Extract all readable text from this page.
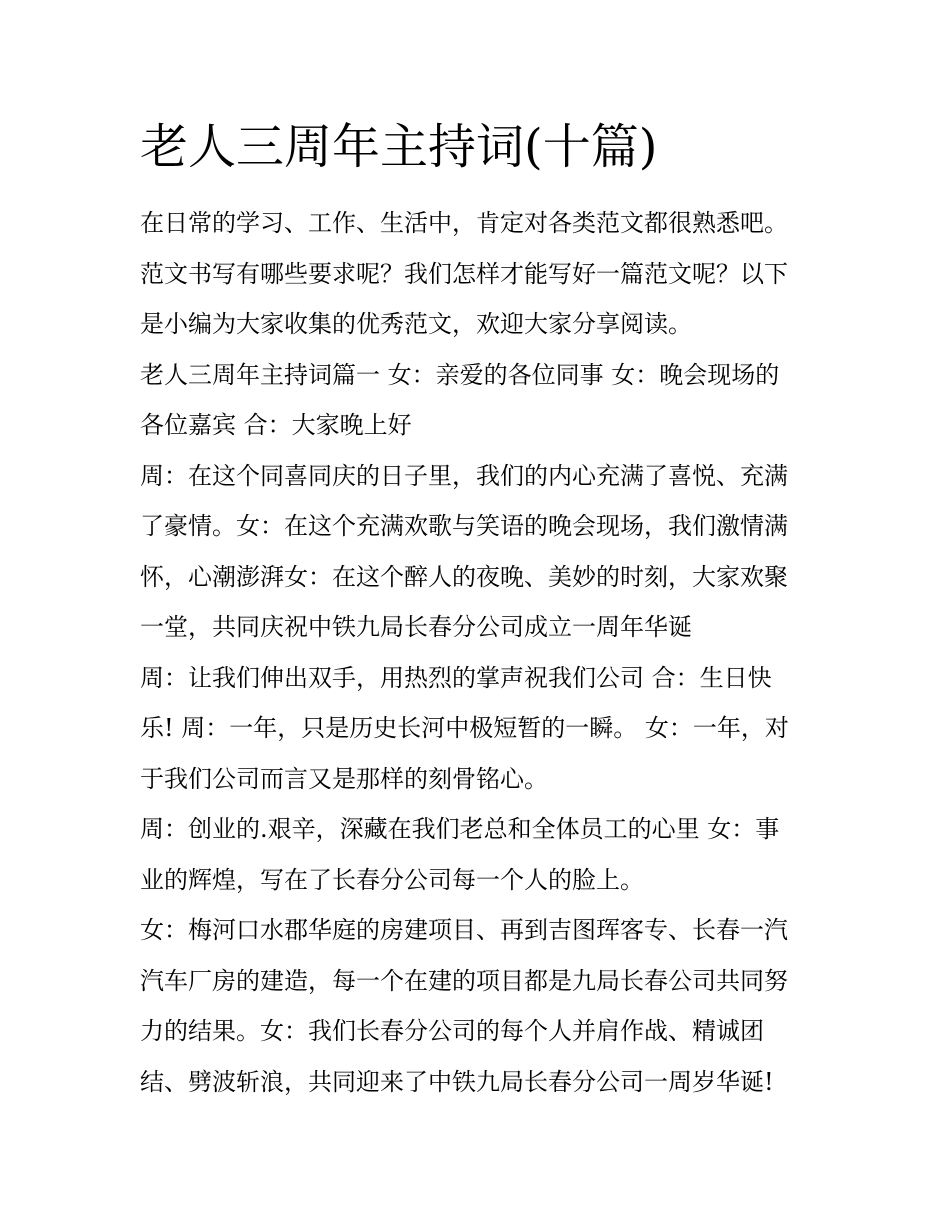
老人三周年主持词(十篇)
在日常的学习、工作、生活中，肯定对各类范文都很熟悉吧。
范文书写有哪些要求呢？我们怎样才能写好一篇范文呢？以下
是小编为大家收集的优秀范文，欢迎大家分享阅读。
老人三周年主持词篇一 女：亲爱的各位同事 女：晚会现场的
各位嘉宾 合：大家晚上好
周：在这个同喜同庆的日子里，我们的内心充满了喜悦、充满
了豪情。女：在这个充满欢歌与笑语的晚会现场，我们激情满
怀，心潮澎湃女：在这个醉人的夜晚、美妙的时刻，大家欢聚
一堂，共同庆祝中铁九局长春分公司成立一周年华诞
周：让我们伸出双手，用热烈的掌声祝我们公司 合：生日快
乐! 周：一年，只是历史长河中极短暂的一瞬。 女：一年，对
于我们公司而言又是那样的刻骨铭心。
周：创业的.艰辛，深藏在我们老总和全体员工的心里 女：事
业的辉煌，写在了长春分公司每一个人的脸上。
女：梅河口水郡华庭的房建项目、再到吉图珲客专、长春一汽
汽车厂房的建造，每一个在建的项目都是九局长春公司共同努
力的结果。女：我们长春分公司的每个人并肩作战、精诚团
结、劈波斩浪，共同迎来了中铁九局长春分公司一周岁华诞!
